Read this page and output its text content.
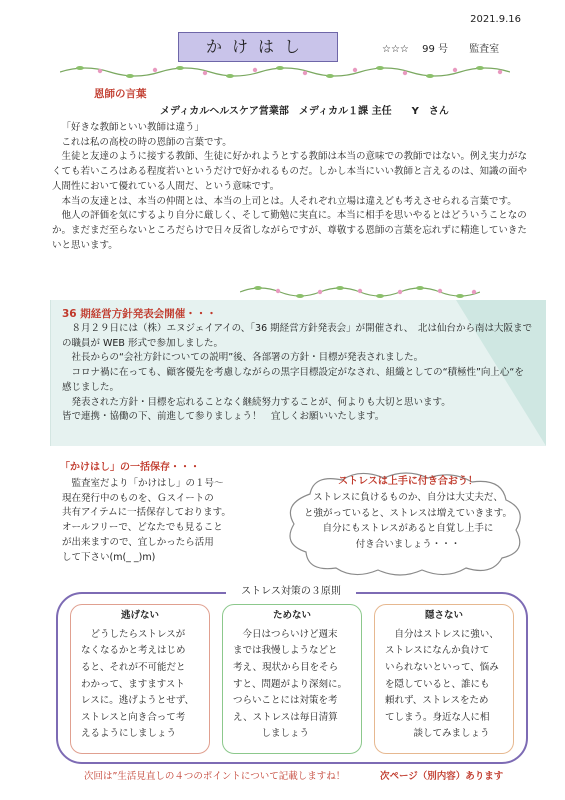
2021.9.16
かけはし	☆☆☆ 99 号 監査室
恩師の言葉
メディカルヘルスケア営業部　メディカル１課 主任　　Y　さん

「好きな教師といい教師は違う」

これは私の高校の時の恩師の言葉です。

生徒と友達のように接する教師、生徒に好かれようとする教師は本当の意味での教師ではない。例え実力がなくても若いころはある程度若いというだけで好かれるものだ。しかし本当にいい教師と言えるのは、知識の面や人間性において優れている人間だ、という意味です。

本当の友達とは、本当の仲間とは、本当の上司とは。人それぞれ立場は違えども考えさせられる言葉です。

他人の評価を気にするより自分に厳しく、そして勤勉に実直に。本当に相手を思いやるとはどういうことなのか。まだまだ至らないところだらけで日々反省しながらですが、尊敬する恩師の言葉を忘れずに精進していきたいと思います。

36 期経営方針発表会開催・・・

８月２９日には（株）エヌジェイアイの、「36 期経営方針発表会」が開催され、　北は仙台から南は大阪までの職員が WEB 形式で参加しました。

社長からの“会社方針についての説明”後、各部署の方針・目標が発表されました。

コロナ禍に在っても、顧客優先を考慮しながらの黒字目標設定がなされ、組織としての“積極性”向上心“を感じました。

発表された方針・目標を忘れることなく継続努力することが、何よりも大切と思います。

皆で連携・協働の下、前進して参りましょう！　宜しくお願いいたします。

「かけはし」の一括保存・・・

監査室だより「かけはし」の１号～

現在発行中のものを、Ｇスイートの

共有アイテムに一括保存しております。

オールフリーで、どなたでも見ること

が出来ますので、宜しかったら活用

して下さい(m(_ _)m)

ストレスは上手に付き合おう！
ストレスに負けるものか、自分は大丈夫だ、
と強がっていると、ストレスは増えていきます。
自分にもストレスがあると自覚し上手に
付き合いましょう・・・
ストレス対策の３原則
逃げない
どうしたらストレスが
なくなるかと考えはじめ
ると、それが不可能だと
わかって、ますますスト
レスに。逃げようとせず、
ストレスと向き合って考
えるようにしましょう
ためない
今日はつらいけど週末
までは我慢しようなどと
考え、現状から目をそら
すと、問題がより深刻に。
つらいことには対策を考
え、ストレスは毎日清算
しましょう
隠さない
自分はストレスに強い、
ストレスになんか負けて
いられないといって、悩み
を隠していると、誰にも
頼れず、ストレスをため
てしまう。身近な人に相
談してみましょう
次回は”生活見直しの４つのポイントについて記載しますね！	次ページ（別内容）あります
